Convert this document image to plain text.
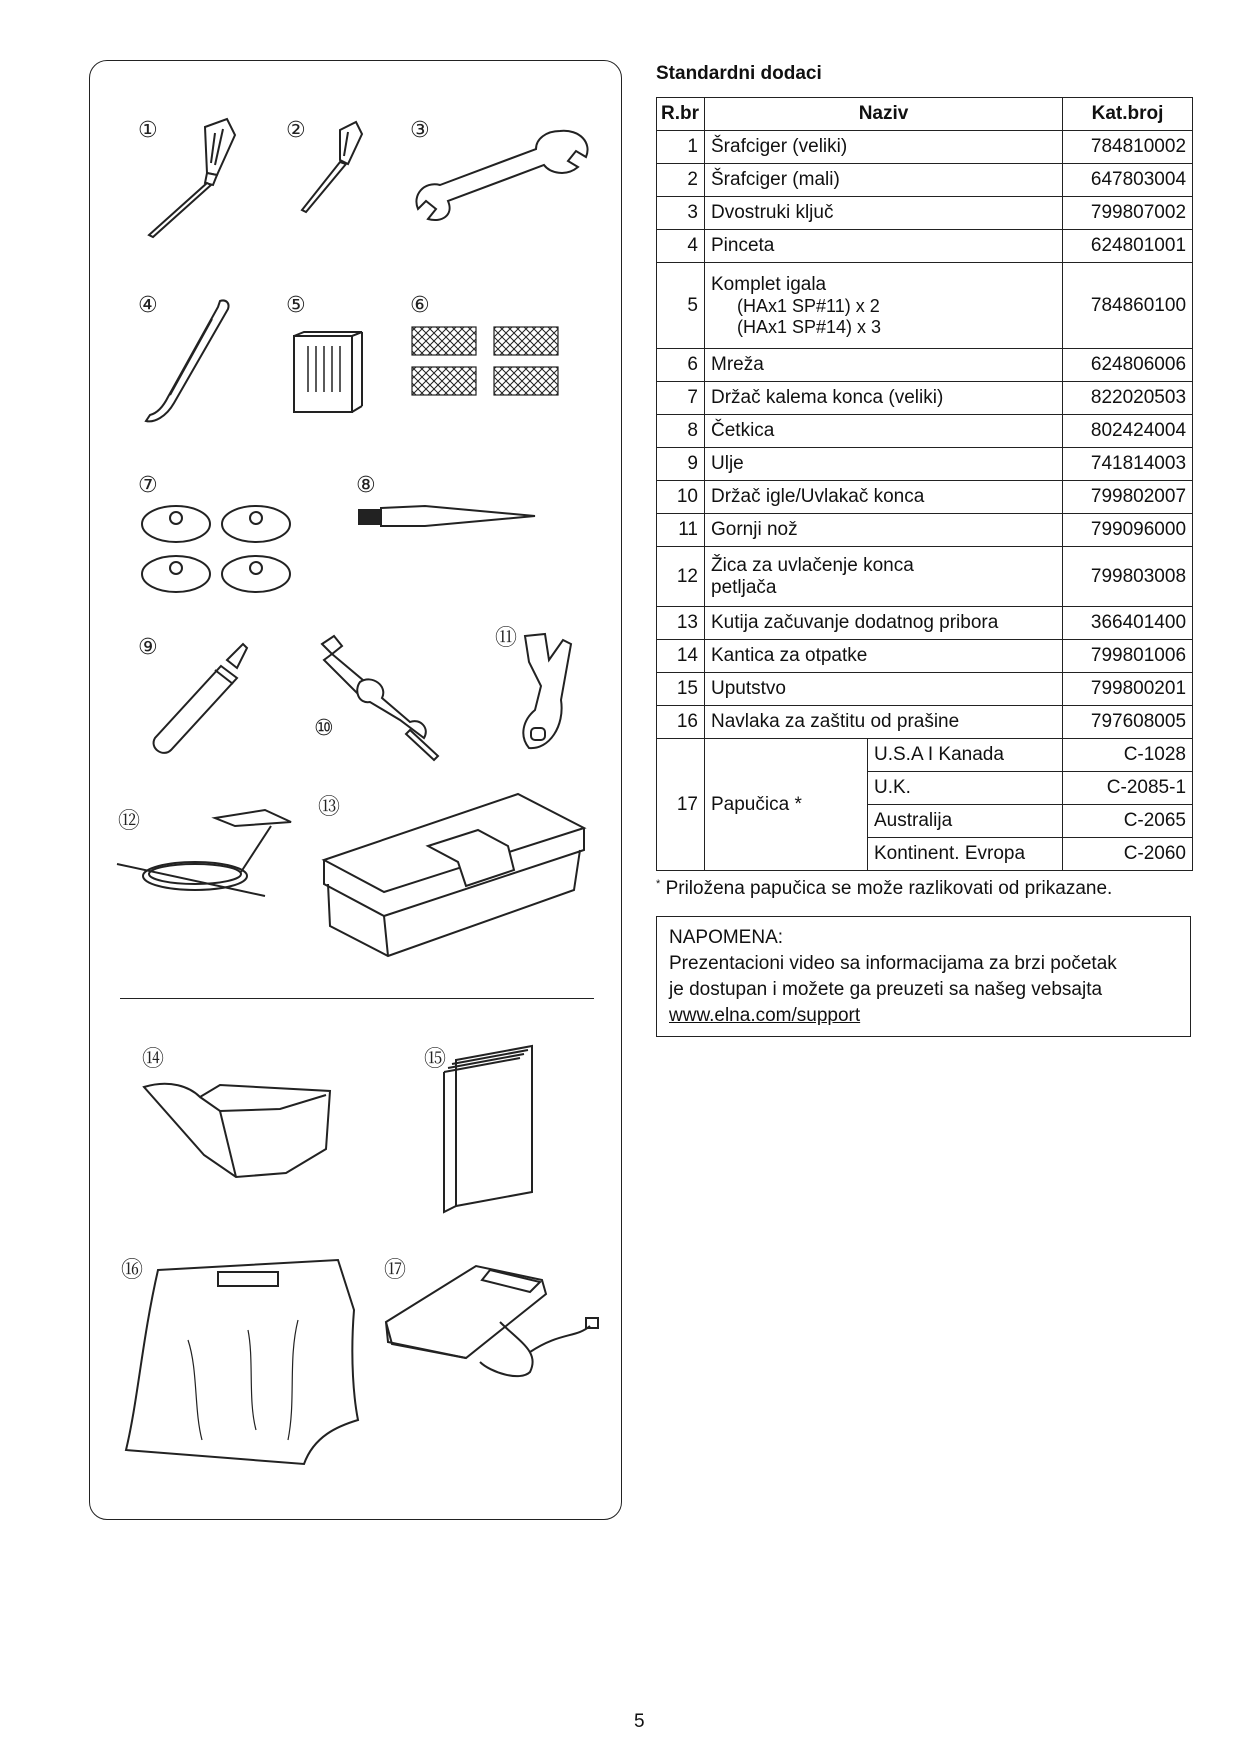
①	②	③
④	⑤	⑥
⑦	⑧
⑨
⑩
⑪
⑫
⑬
⑭	⑮
⑯	⑰
Standardni dodaci
R.br	Naziv		Kat.broj
1	Šrafciger (veliki)		784810002
2	Šrafciger (mali)		647803004
3	Dvostruki ključ		799807002
4	Pinceta		624801001
5	Komplet igala
(HAx1 SP#11) x 2
(HAx1 SP#14) x 3		784860100
6	Mreža		624806006
7	Držač kalema konca (veliki)		822020503
8	Četkica		802424004
9	Ulje		741814003
10	Držač igle/Uvlakač konca		799802007
11	Gornji nož		799096000
12	Žica za uvlačenje konca
petljača		799803008
13	Kutija začuvanje dodatnog pribora		366401400
14	Kantica za otpatke		799801006
15	Uputstvo		799800201
16	Navlaka za zaštitu od prašine		797608005
17	Papučica *	U.S.A I Kanada	C-1028
		U.K.	C-2085-1
		Australija	C-2065
		Kontinent. Evropa	C-2060
* Priložena papučica se može razlikovati od prikazane.
NAPOMENA:
Prezentacioni video sa informacijama za brzi početak
je dostupan i možete ga preuzeti sa našeg vebsajta
www.elna.com/support
5
